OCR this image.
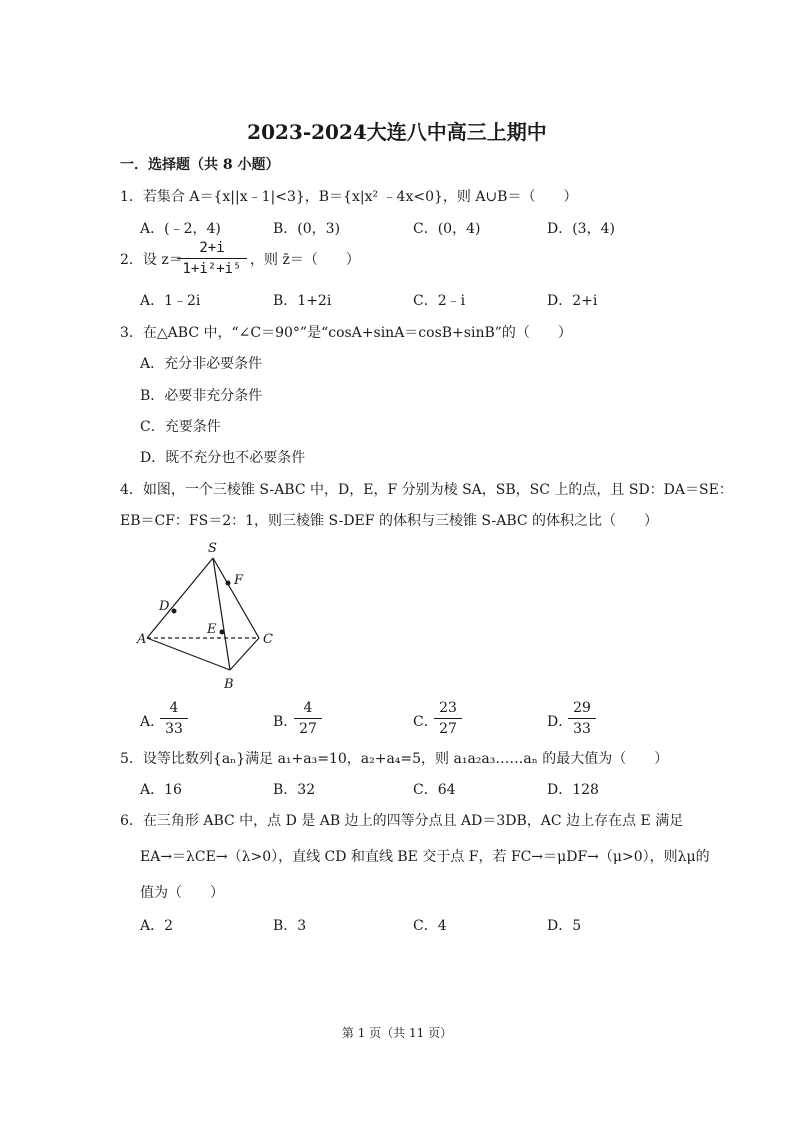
2023-2024大连八中高三上期中
一．选择题（共 8 小题）
1．若集合 A＝{x||x﹣1|<3}，B＝{x|x² ﹣4x<0}，则 A∪B＝（　　）
A．(﹣2，4)	B．(0，3)	C．(0，4)	D．(3，4)
2．设 z＝
2+i
1+i²+i⁵
，则 z̄＝（　　）
A．1﹣2i	B．1+2i	C．2﹣i	D．2+i
3．在△ABC 中，“∠C＝90°”是“cosA+sinA＝cosB+sinB”的（　　）
A．充分非必要条件
B．必要非充分条件
C．充要条件
D．既不充分也不必要条件
4．如图，一个三棱锥 S-ABC 中，D，E，F 分别为棱 SA，SB，SC 上的点，且 SD：DA＝SE：
EB＝CF：FS＝2：1，则三棱锥 S-DEF 的体积与三棱锥 S-ABC 的体积之比（　　）
S
F
D
E
A	C
B
A．
4
33	B．
4
27	C．
23
27	D．
29
33
5．设等比数列{aₙ}满足 a₁+a₃=10，a₂+a₄=5，则 a₁a₂a₃……aₙ 的最大值为（　　）
A．16	B．32	C．64	D．128
6．在三角形 ABC 中，点 D 是 AB 边上的四等分点且 AD＝3DB，AC 边上存在点 E 满足
EA→＝λCE→（λ>0），直线 CD 和直线 BE 交于点 F，若 FC→＝μDF→（μ>0），则λμ的
值为（　　）
A．2	B．3	C．4	D．5
第 1 页（共 11 页）
